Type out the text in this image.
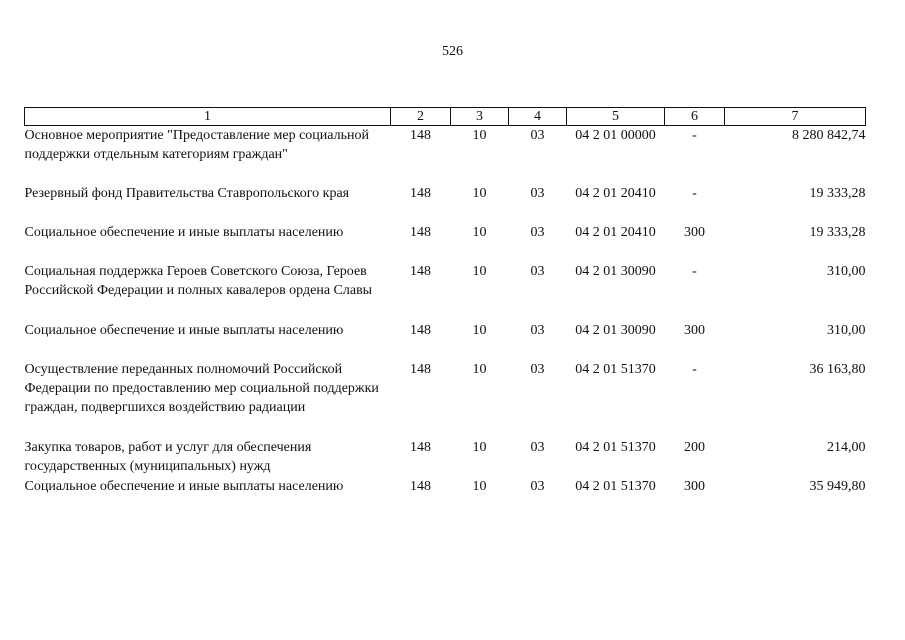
526
1	2	3	4	5	6	7
Основное мероприятие "Предоставление мер социальной поддержки отдельным категориям граждан"	148	10	03	04 2 01 00000	-	8 280 842,74
Резервный фонд Правительства Ставропольского края	148	10	03	04 2 01 20410	-	19 333,28
Социальное обеспечение и иные выплаты населению	148	10	03	04 2 01 20410	300	19 333,28
Социальная поддержка Героев Советского Союза, Героев Российской Федерации и полных кавалеров ордена Славы	148	10	03	04 2 01 30090	-	310,00
Социальное обеспечение и иные выплаты населению	148	10	03	04 2 01 30090	300	310,00
Осуществление переданных полномочий Российской Федерации по предоставлению мер социальной поддержки граждан, подвергшихся воздействию радиации	148	10	03	04 2 01 51370	-	36 163,80
Закупка товаров, работ и услуг для обеспечения государственных (муниципальных) нужд	148	10	03	04 2 01 51370	200	214,00
Социальное обеспечение и иные выплаты населению	148	10	03	04 2 01 51370	300	35 949,80
